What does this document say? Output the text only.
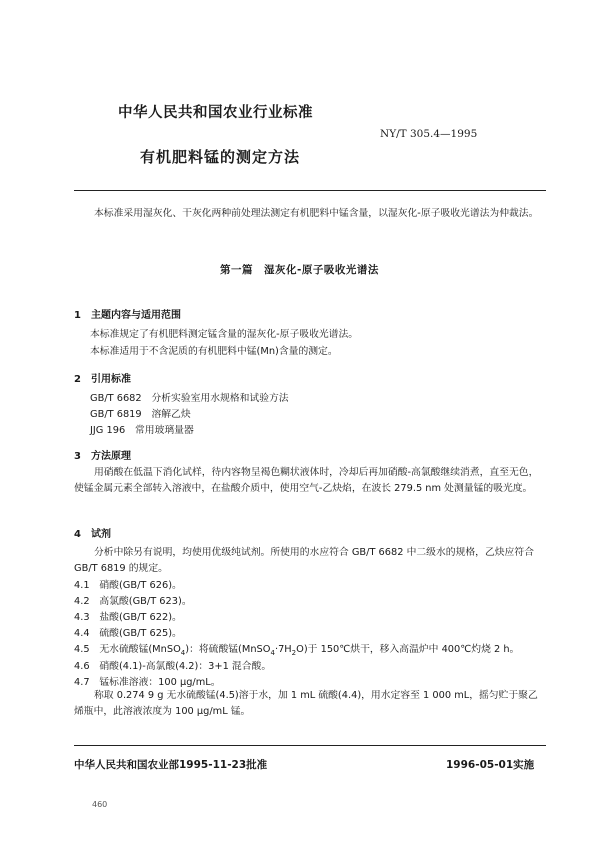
中华人民共和国农业行业标准
NY/T 305.4—1995
有机肥料锰的测定方法
本标准采用湿灰化、干灰化两种前处理法测定有机肥料中锰含量，以湿灰化-原子吸收光谱法为仲裁法。
第一篇　湿灰化-原子吸收光谱法
1　主题内容与适用范围
本标准规定了有机肥料测定锰含量的湿灰化-原子吸收光谱法。
本标准适用于不含泥质的有机肥料中锰(Mn)含量的测定。
2　引用标准
GB/T 6682　分析实验室用水规格和试验方法
GB/T 6819　溶解乙炔
JJG 196　常用玻璃量器
3　方法原理
用硝酸在低温下消化试样，待内容物呈褐色糊状液体时，冷却后再加硝酸-高氯酸继续消煮，直至无色，使锰金属元素全部转入溶液中，在盐酸介质中，使用空气-乙炔焰，在波长 279.5 nm 处测量锰的吸光度。
4　试剂
分析中除另有说明，均使用优级纯试剂。所使用的水应符合 GB/T 6682 中二级水的规格，乙炔应符合 GB/T 6819 的规定。
4.1　硝酸(GB/T 626)。
4.2　高氯酸(GB/T 623)。
4.3　盐酸(GB/T 622)。
4.4　硫酸(GB/T 625)。
4.5　无水硫酸锰(MnSO$_4$)：将硫酸锰$(MnSO_4\cdot 7H_2O)$于 150℃烘干，移入高温炉中 400℃灼烧 2 h。
4.6　硝酸(4.1)-高氯酸(4.2)：3+1 混合酸。
4.7　锰标准溶液：100 μg/mL。
称取 0.274 9 g 无水硫酸锰(4.5)溶于水，加 1 mL 硫酸(4.4)，用水定容至 1 000 mL，摇匀贮于聚乙烯瓶中，此溶液浓度为 100 μg/mL 锰。
中华人民共和国农业部1995-11-23批准	1996-05-01实施
460
